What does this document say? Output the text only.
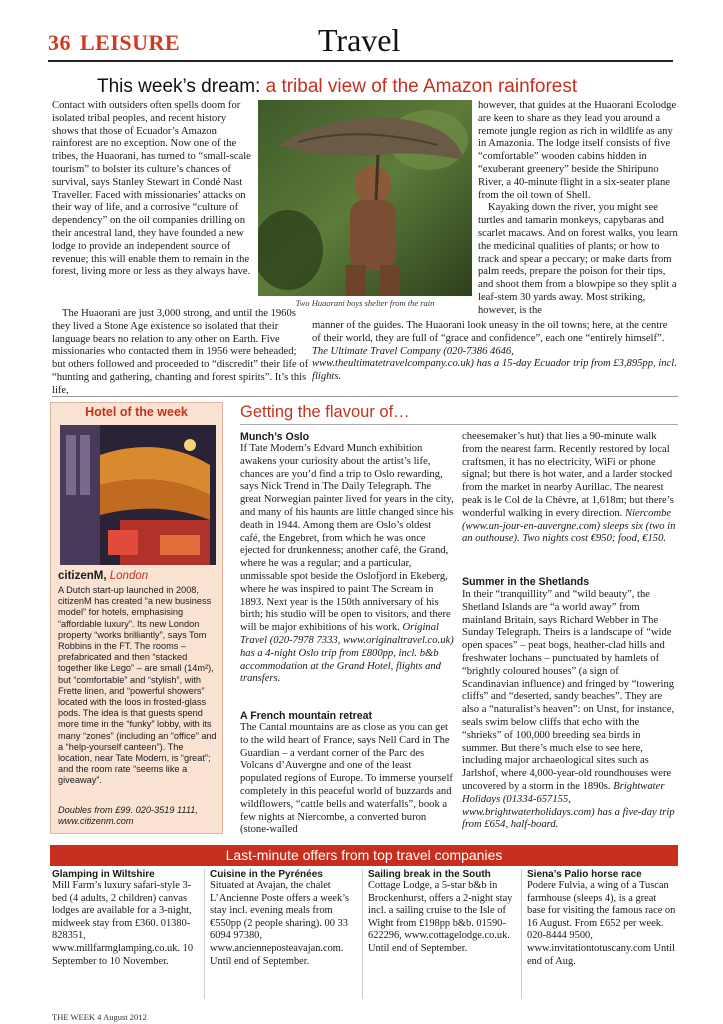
36 LEISURE	Travel
This week’s dream: a tribal view of the Amazon rainforest

Contact with outsiders often spells doom for isolated tribal peoples, and recent history shows that those of Ecuador’s Amazon rainforest are no exception. Now one of the tribes, the Huaorani, has turned to “small-scale tourism” to bolster its culture’s chances of survival, says Stanley Stewart in Condé Nast Traveller. Faced with missionaries’ attacks on their way of life, and a corrosive “culture of dependency” on the oil companies drilling on their ancestral land, they have founded a new lodge to provide an independent source of revenue; this will enable them to remain in the forest, living more or less as they always have.

Two Huaorani boys shelter from the rain

however, that guides at the Huaorani Ecolodge are keen to share as they lead you around a remote jungle region as rich in wildlife as any in Amazonia. The lodge itself consists of five “comfortable” wooden cabins hidden in “exuberant greenery” beside the Shiripuno River, a 40-minute flight in a six-seater plane from the oil town of Shell.

Kayaking down the river, you might see turtles and tamarin monkeys, capybaras and scarlet macaws. And on forest walks, you learn the medicinal qualities of plants; or how to track and spear a peccary; or make darts from palm reeds, prepare the poison for their tips, and shoot them from a blowpipe so they split a leaf-stem 30 yards away. Most striking, however, is the

The Huaorani are just 3,000 strong, and until the 1960s they lived a Stone Age existence so isolated that their language bears no relation to any other on Earth. Five missionaries who contacted them in 1956 were beheaded; but others followed and proceeded to “discredit” their life of “hunting and gathering, chanting and forest spirits”. It’s this life,

manner of the guides. The Huaorani look uneasy in the oil towns; here, at the centre of their world, they are full of “grace and confidence”, each one “entirely himself”. The Ultimate Travel Company (020-7386 4646, www.theultimatetravelcompany.co.uk) has a 15-day Ecuador trip from £3,895pp, incl. flights.
Hotel of the week
citizenM, London
A Dutch start-up launched in 2008, citizenM has created “a new business model” for hotels, emphasising “affordable luxury”. Its new London property “works brilliantly”, says Tom Robbins in the FT. The rooms – prefabricated and then “stacked together like Lego” – are small (14m²), but “comfortable” and “stylish”, with Frette linen, and “powerful showers” located with the loos in frosted-glass pods. The idea is that guests spend more time in the “funky” lobby, with its many “zones” (including an “office” and a “help-yourself canteen”). The location, near Tate Modern, is “great”; and the room rate “seems like a giveaway”.
Doubles from £99. 020-3519 1111, www.citizenm.com
Getting the flavour of…
Munch’s Oslo
If Tate Modern’s Edvard Munch exhibition awakens your curiosity about the artist’s life, chances are you’d find a trip to Oslo rewarding, says Nick Trend in The Daily Telegraph. The great Norwegian painter lived for years in the city, and many of his haunts are little changed since his death in 1944. Among them are Oslo’s oldest café, the Engebret, from which he was once ejected for drunkenness; another café, the Grand, where he was a regular; and a particular, unmissable spot beside the Oslofjord in Ekeberg, where he was inspired to paint The Scream in 1893. Next year is the 150th anniversary of his birth; his studio will be open to visitors, and there will be major exhibitions of his work. Original Travel (020-7978 7333, www.originaltravel.co.uk) has a 4-night Oslo trip from £800pp, incl. b&b accommodation at the Grand Hotel, flights and transfers.
A French mountain retreat
The Cantal mountains are as close as you can get to the wild heart of France, says Nell Card in The Guardian – a verdant corner of the Parc des Volcans d’Auvergne and one of the least populated regions of Europe. To immerse yourself completely in this peaceful world of buzzards and wildflowers, “cattle bells and waterfalls”, book a few nights at Niercombe, a converted buron (stone-walled
cheesemaker’s hut) that lies a 90-minute walk from the nearest farm. Recently restored by local craftsmen, it has no electricity, WiFi or phone signal; but there is hot water, and a larder stocked from the market in nearby Aurillac. The nearest peak is le Col de la Chèvre, at 1,618m; but there’s wonderful walking in every direction. Niercombe (www.un-jour-en-auvergne.com) sleeps six (two in an outhouse). Two nights cost €950; food, €150.
Summer in the Shetlands
In their “tranquillity” and “wild beauty”, the Shetland Islands are “a world away” from mainland Britain, says Richard Webber in The Sunday Telegraph. Theirs is a landscape of “wide open spaces” – peat bogs, heather-clad hills and freshwater lochans – punctuated by hamlets of “brightly coloured houses” (a sign of Scandinavian influence) and fringed by “towering cliffs” and “deserted, sandy beaches”. They are also a “naturalist’s heaven”: on Unst, for instance, seals swim below cliffs that echo with the “shrieks” of 100,000 breeding sea birds in summer. But there’s much else to see here, including major archaeological sites such as Jarlshof, where 4,000-year-old roundhouses were uncovered by a storm in the 1890s. Brightwater Holidays (01334-657155, www.brightwaterholidays.com) has a five-day trip from £654, half-board.
Last-minute offers from top travel companies
Glamping in Wiltshire
Mill Farm’s luxury safari-style 3-bed (4 adults, 2 children) canvas lodges are available for a 3-night, midweek stay from £360. 01380-828351, www.millfarmglamping.co.uk. 10 September to 10 November.
Cuisine in the Pyrénées
Situated at Avajan, the chalet L’Ancienne Poste offers a week’s stay incl. evening meals from €550pp (2 people sharing). 00 33 6094 97380, www.ancienneposteavajan.com. Until end of September.
Sailing break in the South
Cottage Lodge, a 5-star b&b in Brockenhurst, offers a 2-night stay incl. a sailing cruise to the Isle of Wight from £198pp b&b. 01590-622296, www.cottagelodge.co.uk. Until end of September.
Siena’s Palio horse race
Podere Fulvia, a wing of a Tuscan farmhouse (sleeps 4), is a great base for visiting the famous race on 16 August. From £652 per week. 020-8444 9500, www.invitationtotuscany.com Until end of Aug.
THE WEEK 4 August 2012
